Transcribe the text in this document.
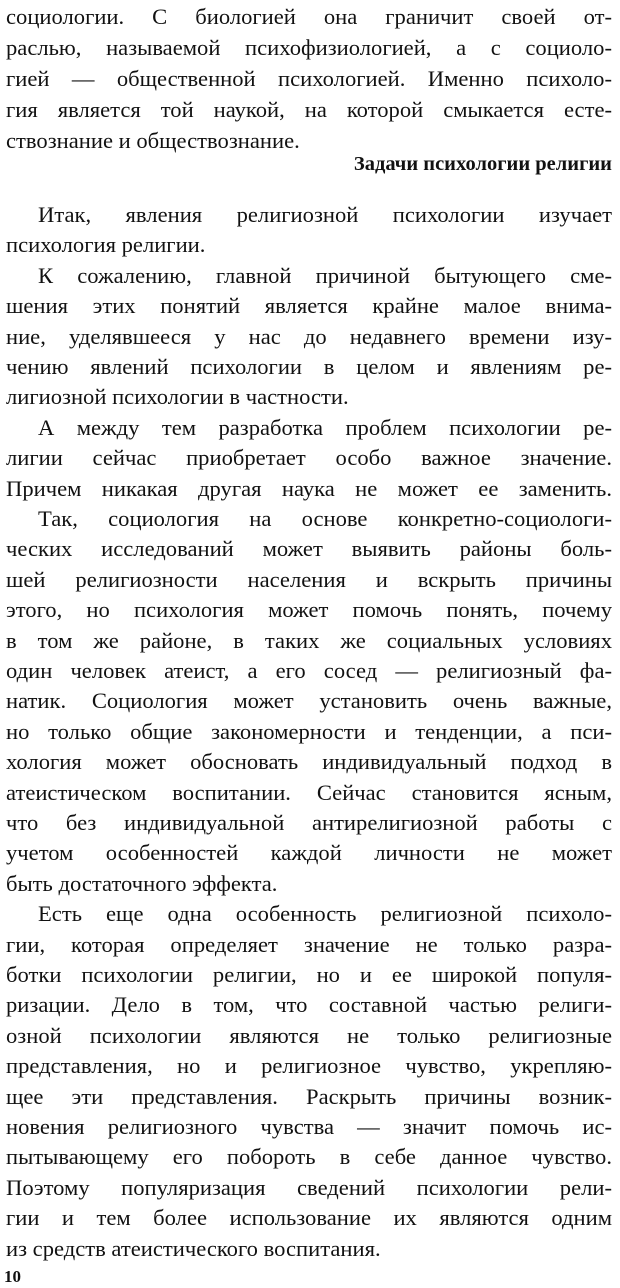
социологии. С биологией она граничит своей от-
раслью, называемой психофизиологией, а с социоло-
гией — общественной психологией. Именно психоло-
гия является той наукой, на которой смыкается есте-
ствознание и обществознание.
Задачи психологии религии
Итак, явления религиозной психологии изучает
психология религии.
К сожалению, главной причиной бытующего сме-
шения этих понятий является крайне малое внима-
ние, уделявшееся у нас до недавнего времени изу-
чению явлений психологии в целом и явлениям ре-
лигиозной психологии в частности.
А между тем разработка проблем психологии ре-
лигии сейчас приобретает особо важное значение.
Причем никакая другая наука не может ее заменить.
Так, социология на основе конкретно-социологи-
ческих исследований может выявить районы боль-
шей религиозности населения и вскрыть причины
этого, но психология может помочь понять, почему
в том же районе, в таких же социальных условиях
один человек атеист, а его сосед — религиозный фа-
натик. Социология может установить очень важные,
но только общие закономерности и тенденции, а пси-
хология может обосновать индивидуальный подход в
атеистическом воспитании. Сейчас становится ясным,
что без индивидуальной антирелигиозной работы с
учетом особенностей каждой личности не может
быть достаточного эффекта.
Есть еще одна особенность религиозной психоло-
гии, которая определяет значение не только разра-
ботки психологии религии, но и ее широкой популя-
ризации. Дело в том, что составной частью религи-
озной психологии являются не только религиозные
представления, но и религиозное чувство, укрепляю-
щее эти представления. Раскрыть причины возник-
новения религиозного чувства — значит помочь ис-
пытывающему его побороть в себе данное чувство.
Поэтому популяризация сведений психологии рели-
гии и тем более использование их являются одним
из средств атеистического воспитания.
10
